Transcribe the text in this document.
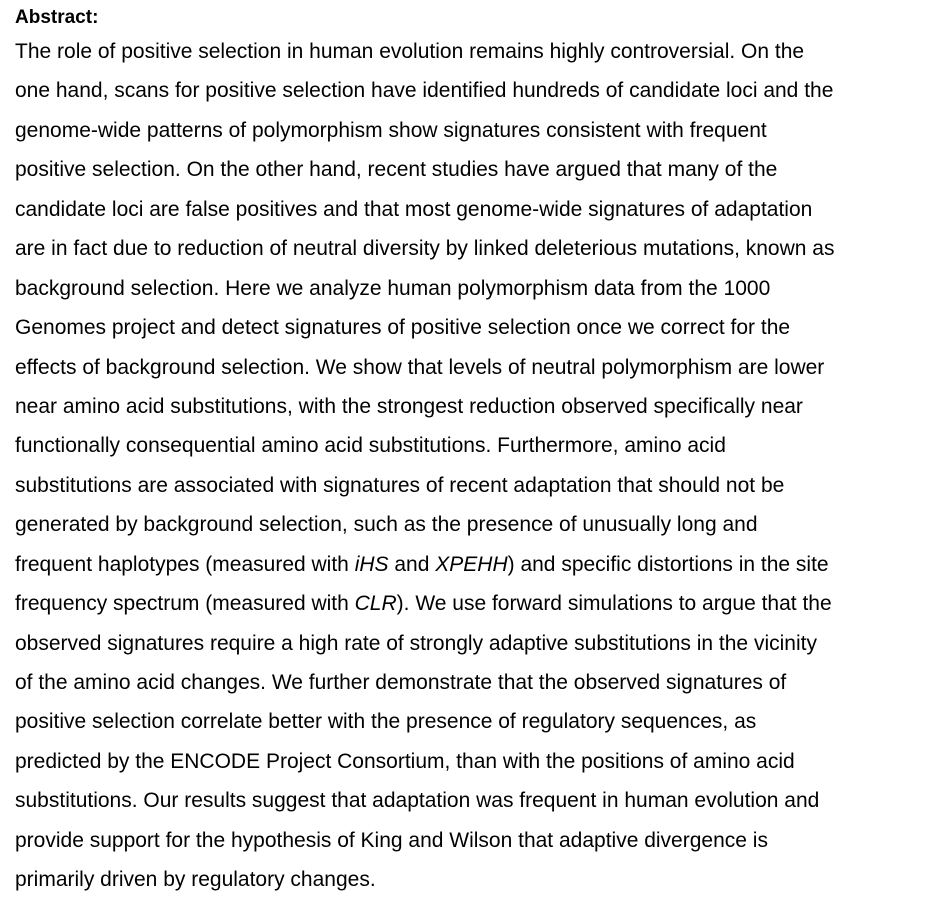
Abstract:
The role of positive selection in human evolution remains highly controversial. On the
one hand, scans for positive selection have identified hundreds of candidate loci and the
genome-wide patterns of polymorphism show signatures consistent with frequent
positive selection. On the other hand, recent studies have argued that many of the
candidate loci are false positives and that most genome-wide signatures of adaptation
are in fact due to reduction of neutral diversity by linked deleterious mutations, known as
background selection. Here we analyze human polymorphism data from the 1000
Genomes project and detect signatures of positive selection once we correct for the
effects of background selection. We show that levels of neutral polymorphism are lower
near amino acid substitutions, with the strongest reduction observed specifically near
functionally consequential amino acid substitutions. Furthermore, amino acid
substitutions are associated with signatures of recent adaptation that should not be
generated by background selection, such as the presence of unusually long and
frequent haplotypes (measured with iHS and XPEHH) and specific distortions in the site
frequency spectrum (measured with CLR). We use forward simulations to argue that the
observed signatures require a high rate of strongly adaptive substitutions in the vicinity
of the amino acid changes. We further demonstrate that the observed signatures of
positive selection correlate better with the presence of regulatory sequences, as
predicted by the ENCODE Project Consortium, than with the positions of amino acid
substitutions. Our results suggest that adaptation was frequent in human evolution and
provide support for the hypothesis of King and Wilson that adaptive divergence is
primarily driven by regulatory changes.
